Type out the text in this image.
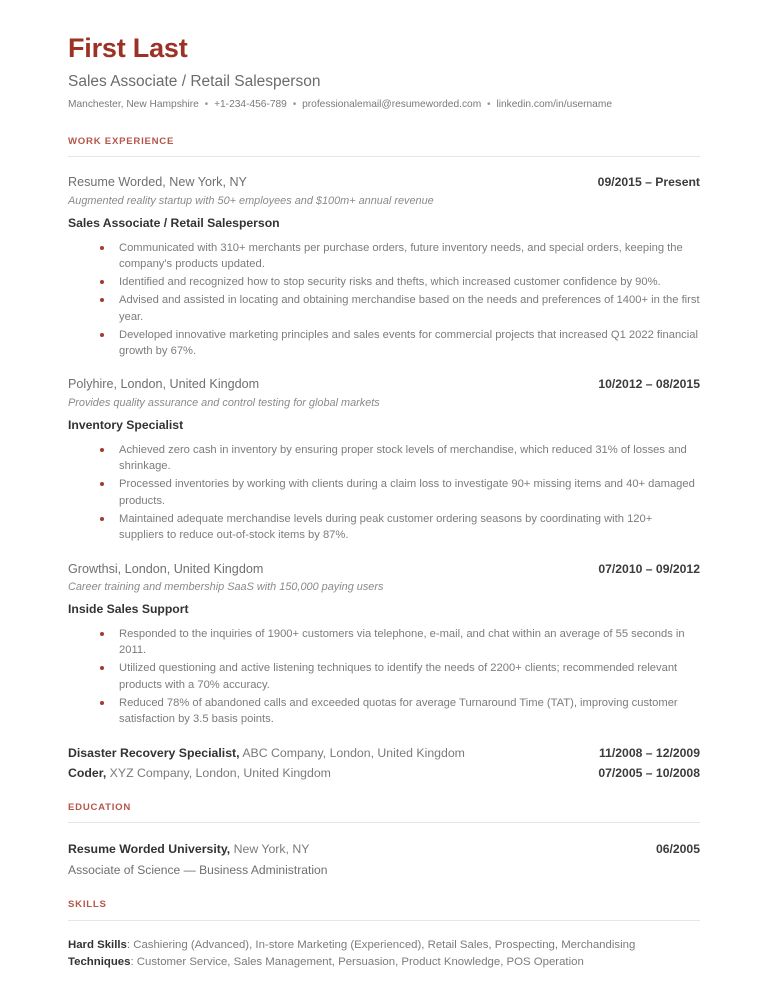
First Last
Sales Associate / Retail Salesperson
Manchester, New Hampshire • +1-234-456-789 • professionalemail@resumeworded.com • linkedin.com/in/username
WORK EXPERIENCE
Resume Worded, New York, NY	09/2015 – Present
Augmented reality startup with 50+ employees and $100m+ annual revenue
Sales Associate / Retail Salesperson
Communicated with 310+ merchants per purchase orders, future inventory needs, and special orders, keeping the company's products updated.
Identified and recognized how to stop security risks and thefts, which increased customer confidence by 90%.
Advised and assisted in locating and obtaining merchandise based on the needs and preferences of 1400+ in the first year.
Developed innovative marketing principles and sales events for commercial projects that increased Q1 2022 financial growth by 67%.
Polyhire, London, United Kingdom	10/2012 – 08/2015
Provides quality assurance and control testing for global markets
Inventory Specialist
Achieved zero cash in inventory by ensuring proper stock levels of merchandise, which reduced 31% of losses and shrinkage.
Processed inventories by working with clients during a claim loss to investigate 90+ missing items and 40+ damaged products.
Maintained adequate merchandise levels during peak customer ordering seasons by coordinating with 120+ suppliers to reduce out-of-stock items by 87%.
Growthsi, London, United Kingdom	07/2010 – 09/2012
Career training and membership SaaS with 150,000 paying users
Inside Sales Support
Responded to the inquiries of 1900+ customers via telephone, e-mail, and chat within an average of 55 seconds in 2011.
Utilized questioning and active listening techniques to identify the needs of 2200+ clients; recommended relevant products with a 70% accuracy.
Reduced 78% of abandoned calls and exceeded quotas for average Turnaround Time (TAT), improving customer satisfaction by 3.5 basis points.
Disaster Recovery Specialist, ABC Company, London, United Kingdom	11/2008 – 12/2009
Coder, XYZ Company, London, United Kingdom	07/2005 – 10/2008
EDUCATION
Resume Worded University, New York, NY	06/2005
Associate of Science — Business Administration
SKILLS
Hard Skills: Cashiering (Advanced), In-store Marketing (Experienced), Retail Sales, Prospecting, Merchandising
Techniques: Customer Service, Sales Management, Persuasion, Product Knowledge, POS Operation
